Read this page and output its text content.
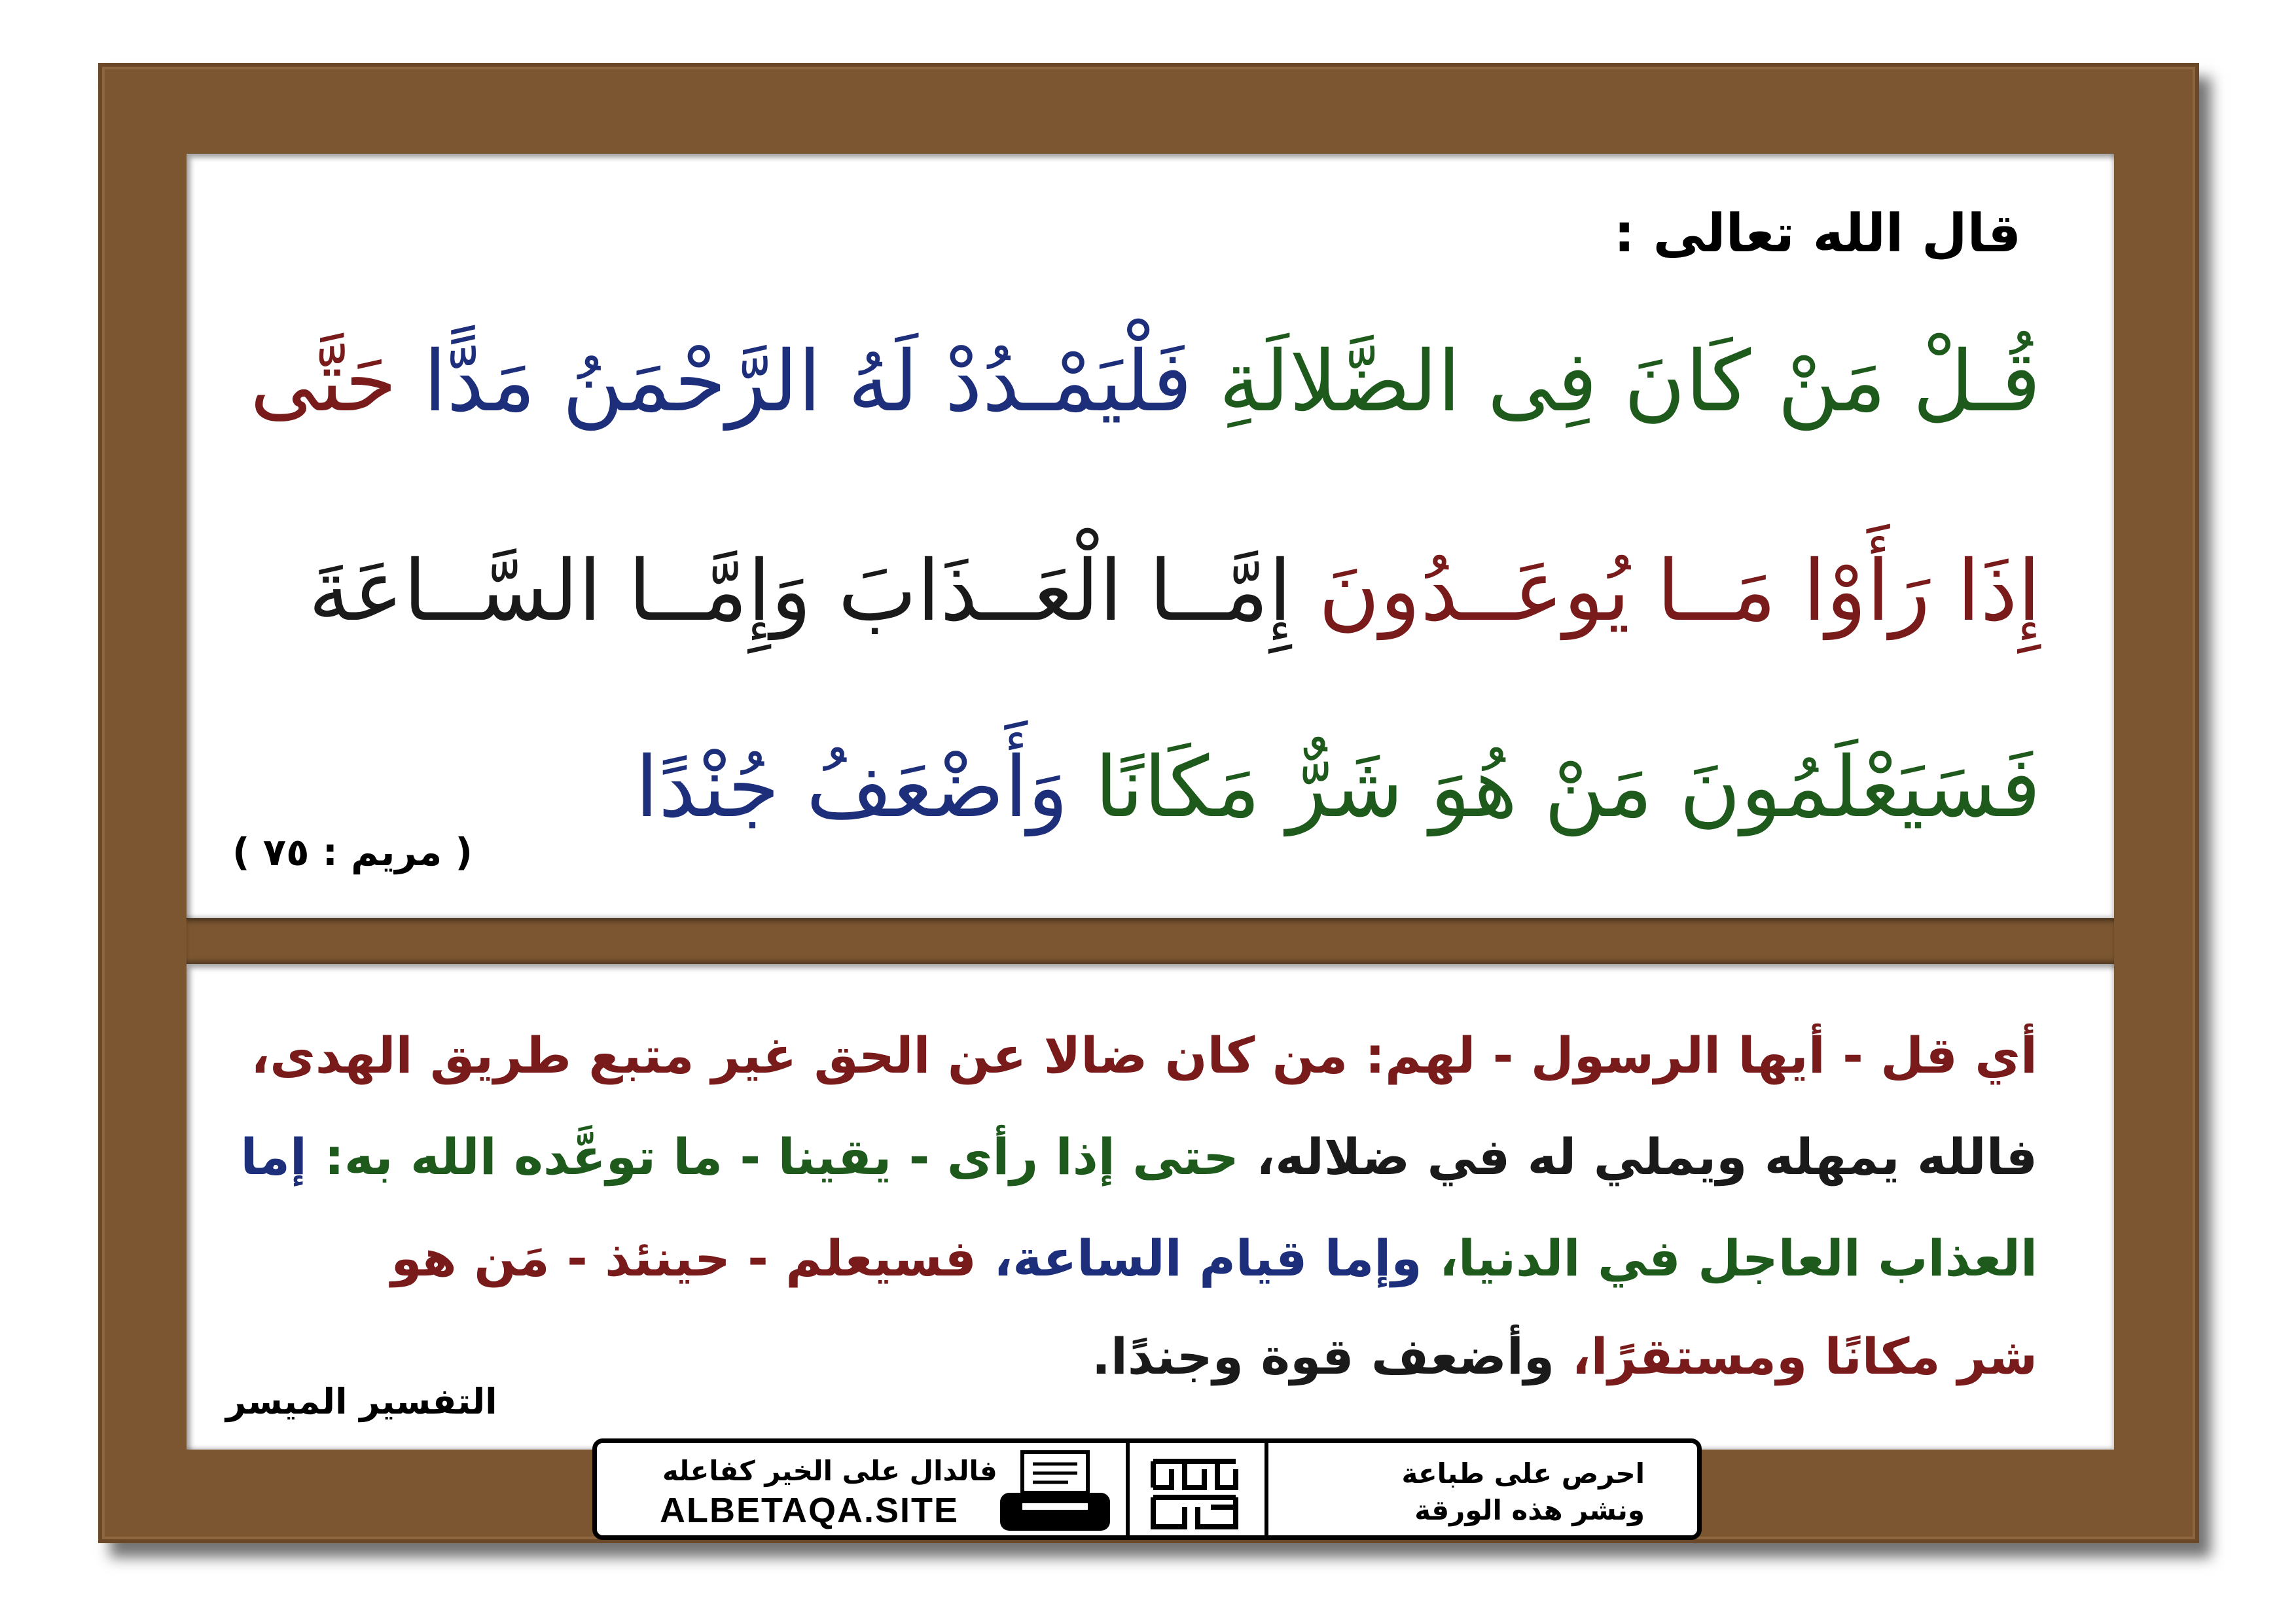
قال الله تعالى :
قُـلْ مَنْ كَانَ فِى الضَّلالَةِ فَلْيَمْـدُدْ لَهُ الرَّحْمَنُ مَدًّا حَتَّى
إِذَا رَأَوْا مَــا يُوعَــدُونَ إِمَّــا الْعَــذَابَ وَإِمَّــا السَّــاعَةَ
فَسَيَعْلَمُونَ مَنْ هُوَ شَرٌّ مَكَانًا وَأَضْعَفُ جُنْدًا
( مريم : ٧٥ )
أي قل - أيها الرسول - لهم: من كان ضالا عن الحق غير متبع طريق الهدى،
فالله يمهله ويملي له في ضلاله، حتى إذا رأى - يقينا - ما توعَّده الله به: إما
العذاب العاجل في الدنيا، وإما قيام الساعة، فسيعلم - حينئذ - مَن هو
شر مكانًا ومستقرًا، وأضعف قوة وجندًا.
التفسير الميسر
فالدال على الخير كفاعله
ALBETAQA.SITE
احرص على طباعة
ونشر هذه الورقة
